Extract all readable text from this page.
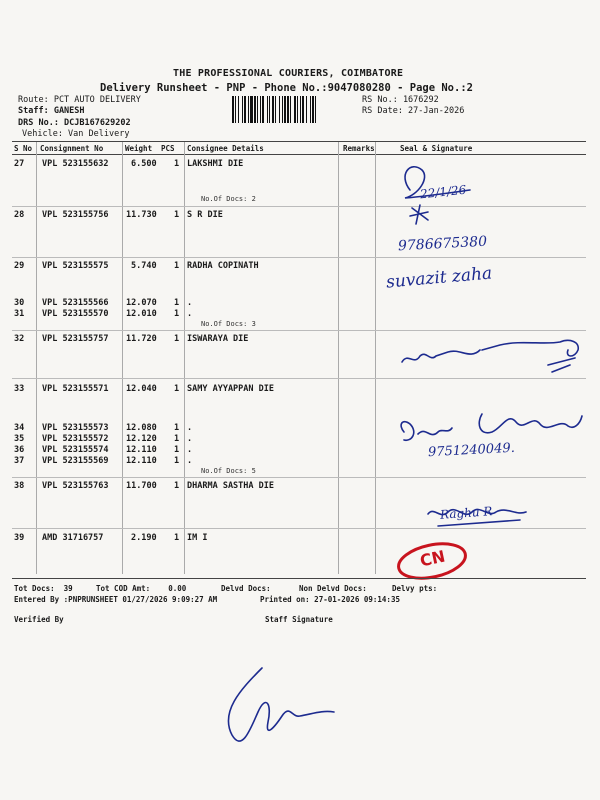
THE PROFESSIONAL COURIERS, COIMBATORE
Delivery Runsheet - PNP - Phone No.:9047080280 - Page No.:2
Route: PCT AUTO DELIVERY
Staff: GANESH
DRS No.: DCJB167629202
Vehicle: Van Delivery
RS No.: 1676292
RS Date: 27-Jan-2026
S No Consignment No	Weight PCS Consignee Details	Remarks	Seal & Signature
27 VPL 523155632	6.500 1 LAKSHMI DIE
No.Of Docs: 2
28 VPL 523155756 11.730 1 S R DIE
29 VPL 523155575	5.740 1 RADHA COPINATH
30 VPL 523155566 12.070 1 .
31 VPL 523155570 12.010 1 .
No.Of Docs: 3
32 VPL 523155757 11.720 1 ISWARAYA DIE
33 VPL 523155571 12.040 1 SAMY AYYAPPAN DIE
34 VPL 523155573 12.080 1 .
35 VPL 523155572 12.120 1 .
36 VPL 523155574 12.110 1 .
37 VPL 523155569 12.110 1 .
No.Of Docs: 5
38 VPL 523155763 11.700 1 DHARMA SASTHA DIE
39 AMD 31716757	2.190 1 IM I
22/1/26
9786675380
suvazit zaha
9751240049.
Raghu R
CN
Tot Docs:  39	Tot COD Amt:    0.00	Delvd Docs:	Non Delvd Docs:	Delvy pts:
Entered By :PNPRUNSHEET 01/27/2026 9:09:27 AM	Printed on: 27-01-2026 09:14:35
Verified By	Staff Signature
